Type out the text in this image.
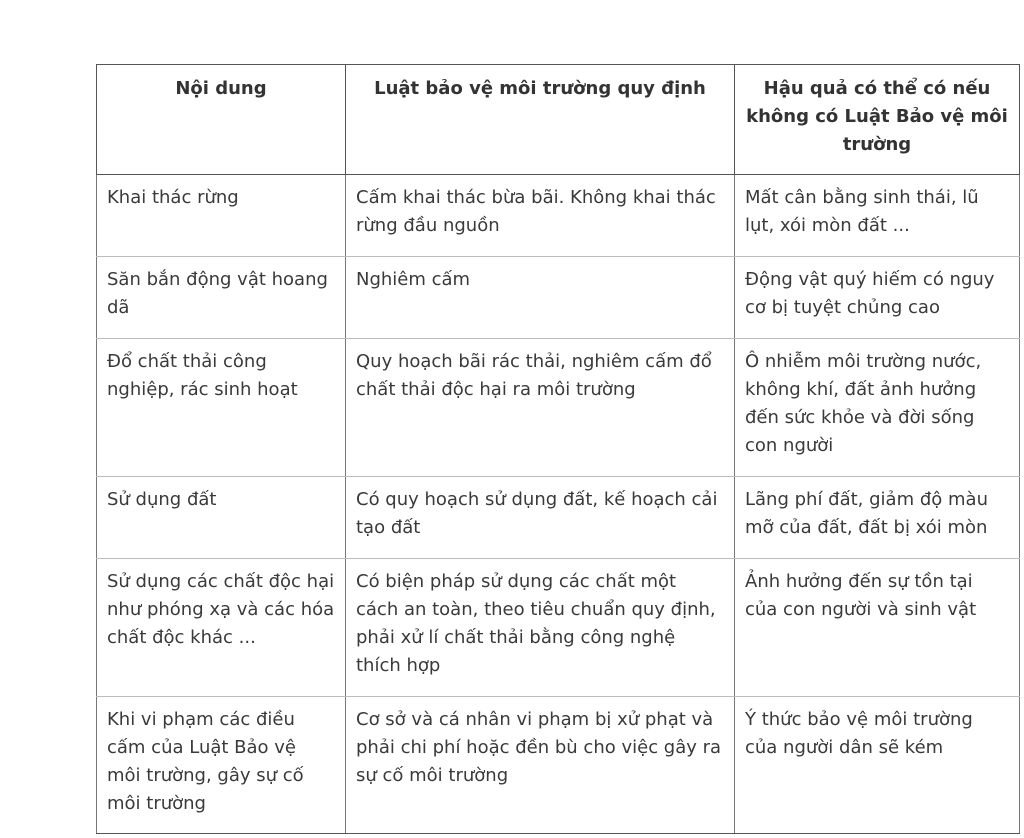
Nội dung	Luật bảo vệ môi trường quy định	Hậu quả có thể có nếu không có Luật Bảo vệ môi trường
Khai thác rừng	Cấm khai thác bừa bãi. Không khai thác rừng đầu nguồn	Mất cân bằng sinh thái, lũ lụt, xói mòn đất ...
Săn bắn động vật hoang dã	Nghiêm cấm	Động vật quý hiếm có nguy cơ bị tuyệt chủng cao
Đổ chất thải công nghiệp, rác sinh hoạt	Quy hoạch bãi rác thải, nghiêm cấm đổ chất thải độc hại ra môi trường	Ô nhiễm môi trường nước, không khí, đất ảnh hưởng đến sức khỏe và đời sống con người
Sử dụng đất	Có quy hoạch sử dụng đất, kế hoạch cải tạo đất	Lãng phí đất, giảm độ màu mỡ của đất, đất bị xói mòn
Sử dụng các chất độc hại như phóng xạ và các hóa chất độc khác ...	Có biện pháp sử dụng các chất một cách an toàn, theo tiêu chuẩn quy định, phải xử lí chất thải bằng công nghệ thích hợp	Ảnh hưởng đến sự tồn tại của con người và sinh vật
Khi vi phạm các điều cấm của Luật Bảo vệ môi trường, gây sự cố môi trường	Cơ sở và cá nhân vi phạm bị xử phạt và phải chi phí hoặc đền bù cho việc gây ra sự cố môi trường	Ý thức bảo vệ môi trường của người dân sẽ kém
